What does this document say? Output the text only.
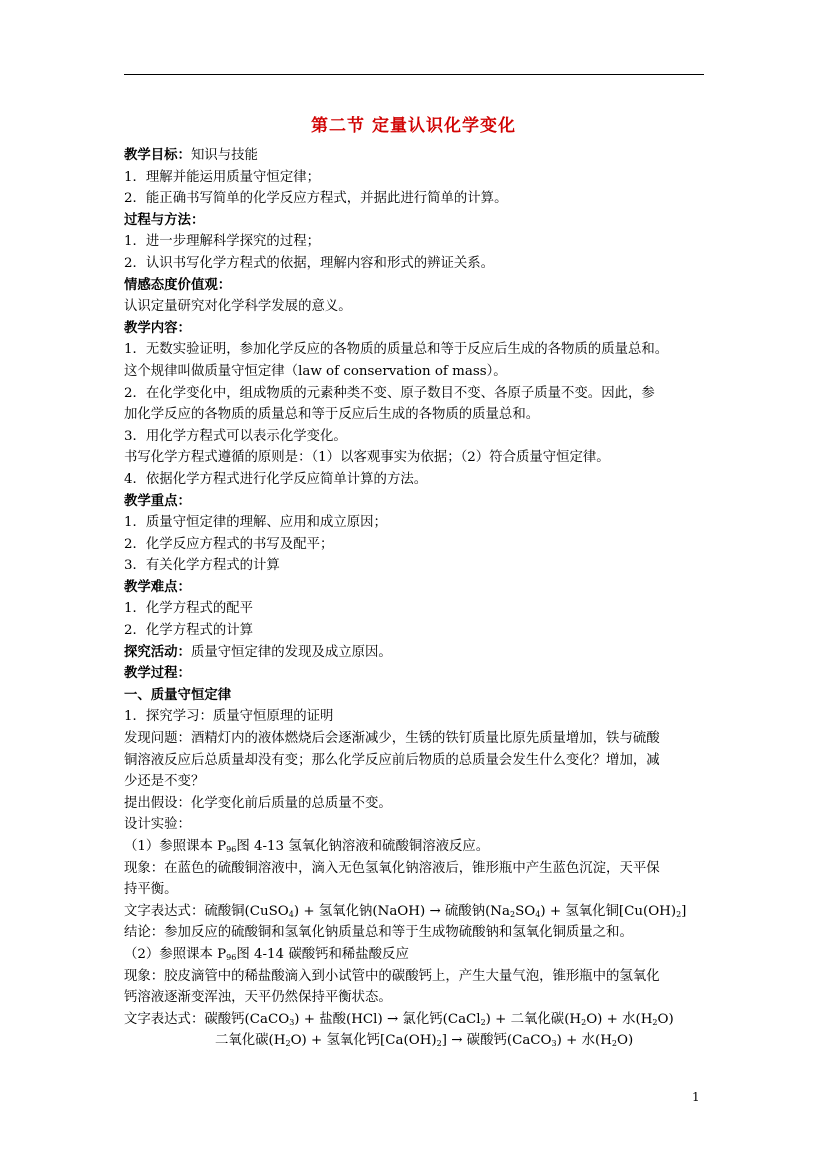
第二节 定量认识化学变化

教学目标：知识与技能

1．理解并能运用质量守恒定律；

2．能正确书写简单的化学反应方程式，并据此进行简单的计算。

过程与方法：

1．进一步理解科学探究的过程；

2．认识书写化学方程式的依据，理解内容和形式的辨证关系。

情感态度价值观：

认识定量研究对化学科学发展的意义。

教学内容：

1．无数实验证明，参加化学反应的各物质的质量总和等于反应后生成的各物质的质量总和。

这个规律叫做质量守恒定律（law of conservation of mass）。

2．在化学变化中，组成物质的元素种类不变、原子数目不变、各原子质量不变。因此，参

加化学反应的各物质的质量总和等于反应后生成的各物质的质量总和。

3．用化学方程式可以表示化学变化。

书写化学方程式遵循的原则是：（1）以客观事实为依据；（2）符合质量守恒定律。

4．依据化学方程式进行化学反应简单计算的方法。

教学重点：

1．质量守恒定律的理解、应用和成立原因；

2．化学反应方程式的书写及配平；

3．有关化学方程式的计算

教学难点：

1．化学方程式的配平

2．化学方程式的计算

探究活动：质量守恒定律的发现及成立原因。

教学过程：

一、质量守恒定律

1．探究学习：质量守恒原理的证明

发现问题：酒精灯内的液体燃烧后会逐渐减少，生锈的铁钉质量比原先质量增加，铁与硫酸

铜溶液反应后总质量却没有变；那么化学反应前后物质的总质量会发生什么变化？增加，减

少还是不变？

提出假设：化学变化前后质量的总质量不变。

设计实验：

（1）参照课本 $P_{96}$图 4-13 氢氧化钠溶液和硫酸铜溶液反应。

现象：在蓝色的硫酸铜溶液中，滴入无色氢氧化钠溶液后，锥形瓶中产生蓝色沉淀，天平保

持平衡。

文字表达式：硫酸铜(CuSO$_4$) + 氢氧化钠(NaOH) → 硫酸钠$(Na_2SO_4)$ + 氢氧化铜$[Cu(OH)_2]$

结论：参加反应的硫酸铜和氢氧化钠质量总和等于生成物硫酸钠和氢氧化铜质量之和。

（2）参照课本 $P_{96}$图 4-14 碳酸钙和稀盐酸反应

现象：胶皮滴管中的稀盐酸滴入到小试管中的碳酸钙上，产生大量气泡，锥形瓶中的氢氧化

钙溶液逐渐变浑浊，天平仍然保持平衡状态。

文字表达式：碳酸钙(CaCO$_3$) + 盐酸(HCl) → 氯化钙(CaCl$_2$) + 二氧化碳$(H_2O)$ + 水$(H_2O)$

二氧化碳$(H_2O)$ + 氢氧化钙$[Ca(OH)_2]$ → 碳酸钙(CaCO$_3$) + 水$(H_2O)$

1
